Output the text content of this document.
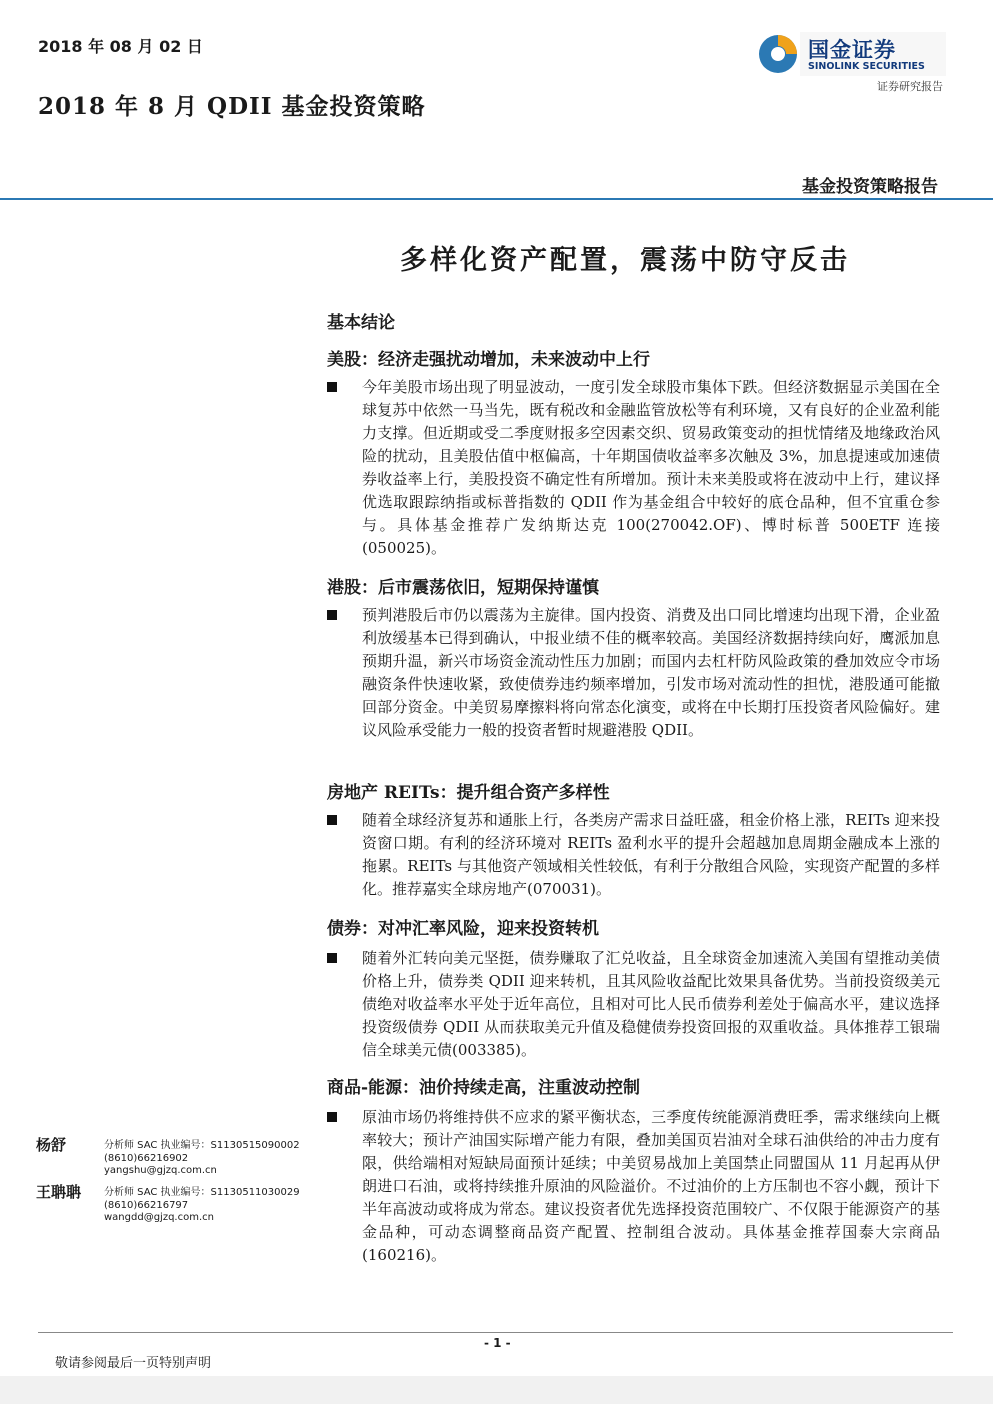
2018 年 08 月 02 日
2018 年 8 月 QDII 基金投资策略
国金证券
SINOLINK SECURITIES
证券研究报告
基金投资策略报告
多样化资产配置，震荡中防守反击
基本结论
美股：经济走强扰动增加，未来波动中上行
今年美股市场出现了明显波动，一度引发全球股市集体下跌。但经济数据显示美国在全球复苏中依然一马当先，既有税改和金融监管放松等有利环境，又有良好的企业盈利能力支撑。但近期或受二季度财报多空因素交织、贸易政策变动的担忧情绪及地缘政治风险的扰动，且美股估值中枢偏高，十年期国债收益率多次触及 3%，加息提速或加速债券收益率上行，美股投资不确定性有所增加。预计未来美股或将在波动中上行，建议择优选取跟踪纳指或标普指数的 QDII 作为基金组合中较好的底仓品种，但不宜重仓参与。具体基金推荐广发纳斯达克 100(270042.OF)、博时标普 500ETF 连接(050025)。
港股：后市震荡依旧，短期保持谨慎
预判港股后市仍以震荡为主旋律。国内投资、消费及出口同比增速均出现下滑，企业盈利放缓基本已得到确认，中报业绩不佳的概率较高。美国经济数据持续向好，鹰派加息预期升温，新兴市场资金流动性压力加剧；而国内去杠杆防风险政策的叠加效应令市场融资条件快速收紧，致使债券违约频率增加，引发市场对流动性的担忧，港股通可能撤回部分资金。中美贸易摩擦料将向常态化演变，或将在中长期打压投资者风险偏好。建议风险承受能力一般的投资者暂时规避港股 QDII。
房地产 REITs：提升组合资产多样性
随着全球经济复苏和通胀上行，各类房产需求日益旺盛，租金价格上涨，REITs 迎来投资窗口期。有利的经济环境对 REITs 盈利水平的提升会超越加息周期金融成本上涨的拖累。REITs 与其他资产领域相关性较低，有利于分散组合风险，实现资产配置的多样化。推荐嘉实全球房地产(070031)。
债券：对冲汇率风险，迎来投资转机
随着外汇转向美元坚挺，债券赚取了汇兑收益，且全球资金加速流入美国有望推动美债价格上升，债券类 QDII 迎来转机，且其风险收益配比效果具备优势。当前投资级美元债绝对收益率水平处于近年高位，且相对可比人民币债券利差处于偏高水平，建议选择投资级债券 QDII 从而获取美元升值及稳健债券投资回报的双重收益。具体推荐工银瑞信全球美元债(003385)。
商品-能源：油价持续走高，注重波动控制
原油市场仍将维持供不应求的紧平衡状态，三季度传统能源消费旺季，需求继续向上概率较大；预计产油国实际增产能力有限，叠加美国页岩油对全球石油供给的冲击力度有限，供给端相对短缺局面预计延续；中美贸易战加上美国禁止同盟国从 11 月起再从伊朗进口石油，或将持续推升原油的风险溢价。不过油价的上方压制也不容小觑，预计下半年高波动或将成为常态。建议投资者优先选择投资范围较广、不仅限于能源资产的基金品种，可动态调整商品资产配置、控制组合波动。具体基金推荐国泰大宗商品(160216)。
杨舒	分析师 SAC 执业编号：S1130515090002
(8610)66216902
yangshu@gjzq.com.cn
王聃聃 分析师 SAC 执业编号：S1130511030029
(8610)66216797
wangdd@gjzq.com.cn
- 1 -
敬请参阅最后一页特别声明
